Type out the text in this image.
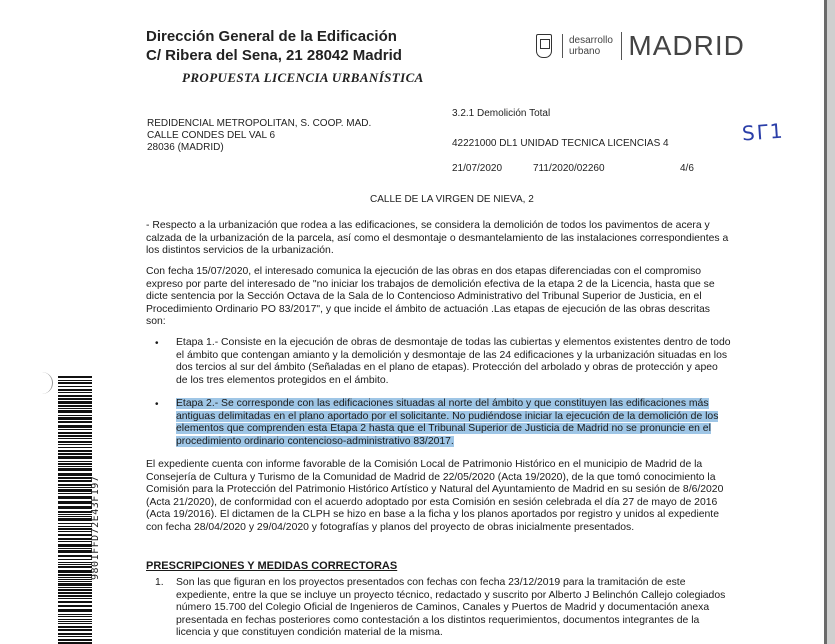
Dirección General de la Edificación
C/ Ribera del Sena, 21 28042 Madrid
PROPUESTA LICENCIA URBANÍSTICA
desarrollo
urbano	MADRID
3.2.1 Demolición Total
SΓ1
REDIDENCIAL METROPOLITAN, S. COOP. MAD.
CALLE CONDES DEL VAL 6
28036 (MADRID)	42221000 DL1 UNIDAD TECNICA LICENCIAS 4
21/07/2020	711/2020/02260	4/6
CALLE DE LA VIRGEN DE NIEVA, 2
- Respecto a la urbanización que rodea a las edificaciones, se considera la demolición de todos los pavimentos de acera y calzada de la urbanización de la parcela, así como el desmontaje o desmantelamiento de las instalaciones correspondientes a los distintos servicios de la urbanización.
Con fecha 15/07/2020, el interesado comunica la ejecución de las obras en dos etapas diferenciadas con el compromiso expreso por parte del interesado de "no iniciar los trabajos de demolición efectiva de la etapa 2 de la Licencia, hasta que se dicte sentencia por la Sección Octava de la Sala de lo Contencioso Administrativo del Tribunal Superior de Justicia, en el Procedimiento Ordinario PO 83/2017", y que incide el ámbito de actuación .Las etapas de ejecución de las obras descritas son:
• Etapa 1.- Consiste en la ejecución de obras de desmontaje de todas las cubiertas y elementos existentes dentro de todo el ámbito que contengan amianto y la demolición y desmontaje de las 24 edificaciones y la urbanización situadas en los dos tercios al sur del ámbito (Señaladas en el plano de etapas). Protección del arbolado y obras de protección y apeo de los tres elementos protegidos en el ámbito.
• Etapa 2.- Se corresponde con las edificaciones situadas al norte del ámbito y que constituyen las edificaciones más antiguas delimitadas en el plano aportado por el solicitante. No pudiéndose iniciar la ejecución de la demolición de los elementos que comprenden esta Etapa 2 hasta que el Tribunal Superior de Justicia de Madrid no se pronuncie en el procedimiento ordinario contencioso-administrativo 83/2017.
El expediente cuenta con informe favorable de la Comisión Local de Patrimonio Histórico en el municipio de Madrid de la Consejería de Cultura y Turismo de la Comunidad de Madrid de 22/05/2020 (Acta 19/2020), de la que tomó conocimiento la Comisión para la Protección del Patrimonio Histórico Artístico y Natural del Ayuntamiento de Madrid en su sesión de 8/6/2020 (Acta 21/2020), de conformidad con el acuerdo adoptado por esta Comisión en sesión celebrada el día 27 de mayo de 2016 (Acta 19/2016). El dictamen de la CLPH se hizo en base a la ficha y los planos aportados por registro y unidos al expediente con fecha 28/04/2020 y 29/04/2020 y fotografías y planos del proyecto de obras inicialmente presentados.
PRESCRIPCIONES Y MEDIDAS CORRECTORAS
1. Son las que figuran en los proyectos presentados con fechas con fecha 23/12/2019 para la tramitación de este expediente, entre la que se incluye un proyecto técnico, redactado y suscrito por Alberto J Belinchón Callejo colegiados número 15.700 del Colegio Oficial de Ingenieros de Caminos, Canales y Puertos de Madrid y documentación anexa presentada en fechas posteriores como contestación a los distintos requerimientos, documentos integrantes de la licencia y que constituyen condición material de la misma.
9801FFD72E43F197
